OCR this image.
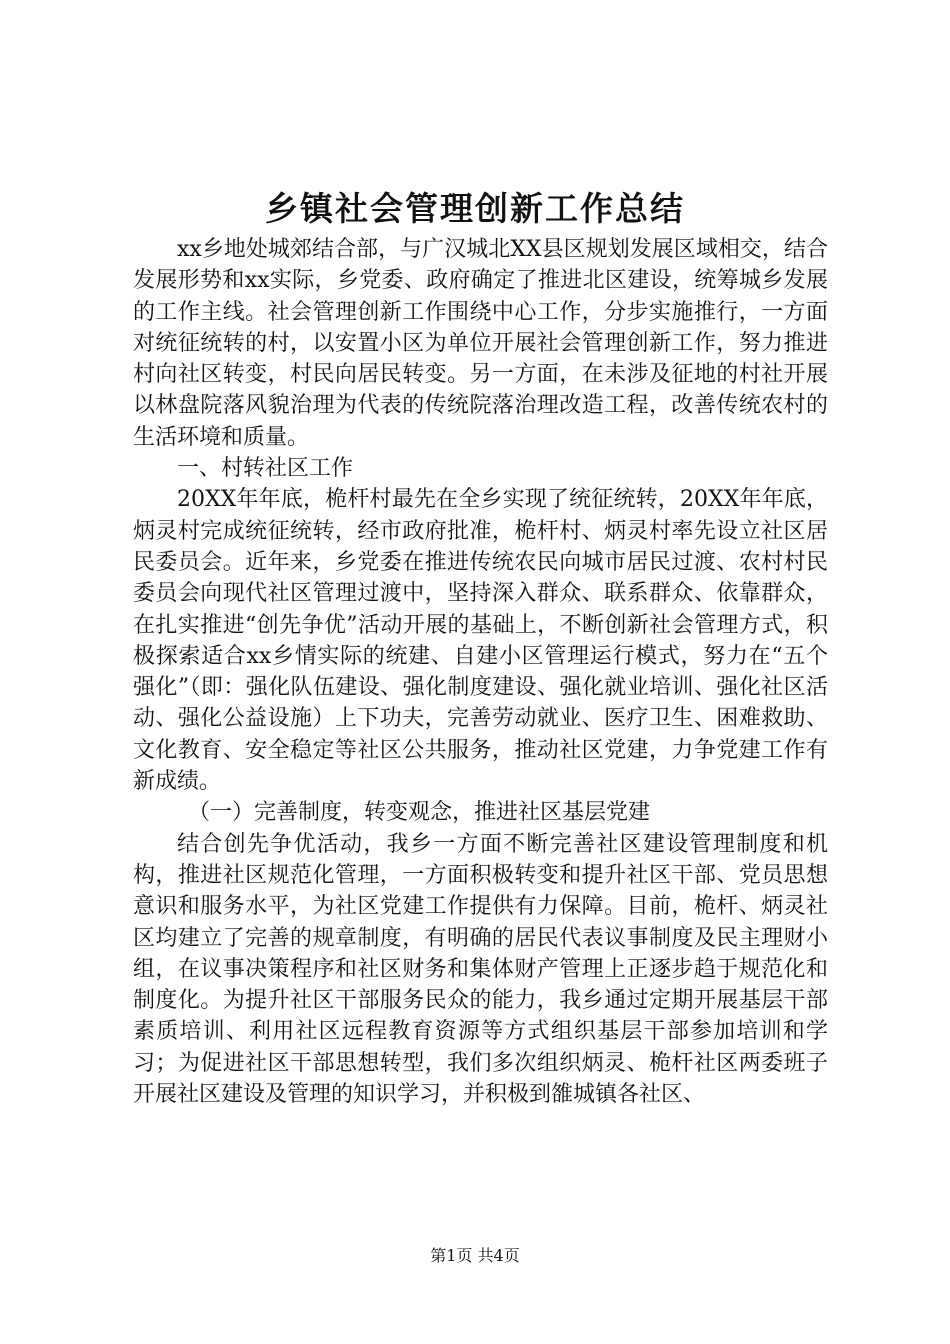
乡镇社会管理创新工作总结

xx乡地处城郊结合部，与广汉城北XX县区规划发展区域相交，结合发展形势和xx实际，乡党委、政府确定了推进北区建设，统筹城乡发展的工作主线。社会管理创新工作围绕中心工作，分步实施推行，一方面对统征统转的村，以安置小区为单位开展社会管理创新工作，努力推进村向社区转变，村民向居民转变。另一方面，在未涉及征地的村社开展以林盘院落风貌治理为代表的传统院落治理改造工程，改善传统农村的生活环境和质量。

一、村转社区工作

20XX年年底，桅杆村最先在全乡实现了统征统转，20XX年年底，炳灵村完成统征统转，经市政府批准，桅杆村、炳灵村率先设立社区居民委员会。近年来，乡党委在推进传统农民向城市居民过渡、农村村民委员会向现代社区管理过渡中，坚持深入群众、联系群众、依靠群众，在扎实推进“创先争优”活动开展的基础上，不断创新社会管理方式，积极探索适合xx乡情实际的统建、自建小区管理运行模式，努力在“五个强化”（即：强化队伍建设、强化制度建设、强化就业培训、强化社区活动、强化公益设施）上下功夫，完善劳动就业、医疗卫生、困难救助、文化教育、安全稳定等社区公共服务，推动社区党建，力争党建工作有新成绩。

（一）完善制度，转变观念，推进社区基层党建

结合创先争优活动，我乡一方面不断完善社区建设管理制度和机构，推进社区规范化管理，一方面积极转变和提升社区干部、党员思想意识和服务水平，为社区党建工作提供有力保障。目前，桅杆、炳灵社区均建立了完善的规章制度，有明确的居民代表议事制度及民主理财小组，在议事决策程序和社区财务和集体财产管理上正逐步趋于规范化和制度化。为提升社区干部服务民众的能力，我乡通过定期开展基层干部素质培训、利用社区远程教育资源等方式组织基层干部参加培训和学习；为促进社区干部思想转型，我们多次组织炳灵、桅杆社区两委班子开展社区建设及管理的知识学习，并积极到雒城镇各社区、

第1页 共4页
